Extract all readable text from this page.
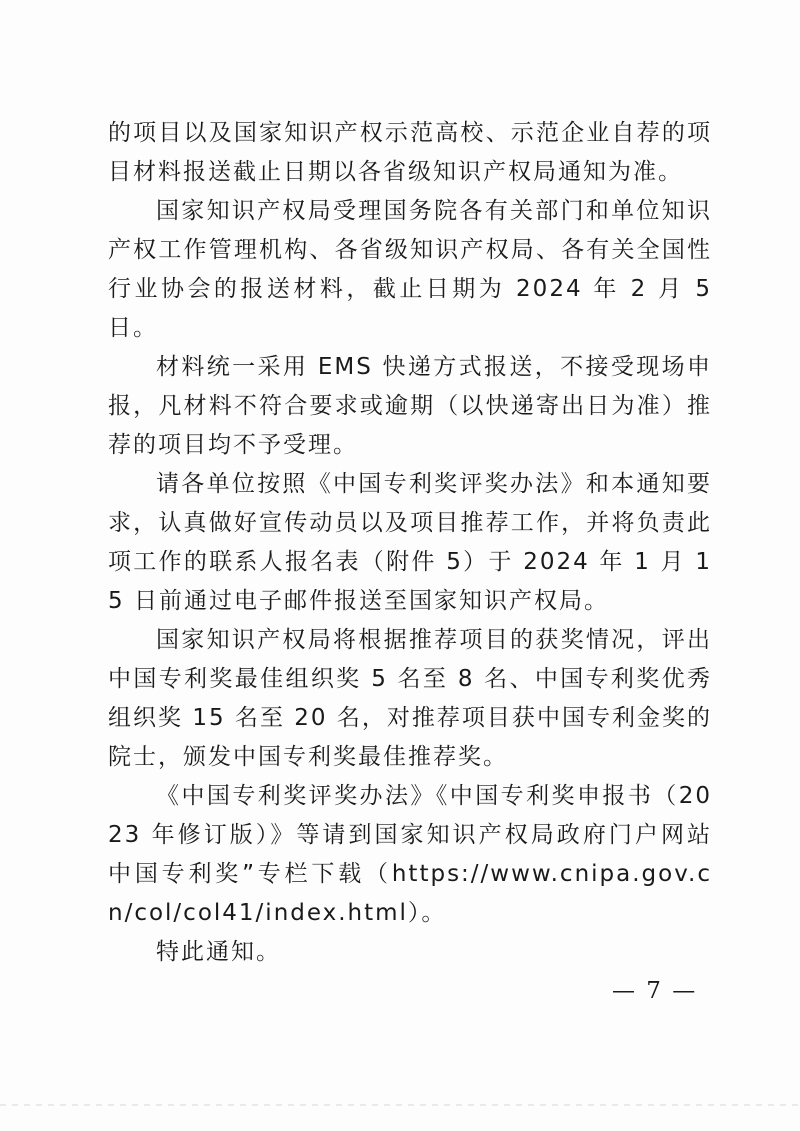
的项目以及国家知识产权示范高校、示范企业自荐的项目材料报送截止日期以各省级知识产权局通知为准。

国家知识产权局受理国务院各有关部门和单位知识产权工作管理机构、各省级知识产权局、各有关全国性行业协会的报送材料，截止日期为 2024 年 2 月 5 日。

材料统一采用 EMS 快递方式报送，不接受现场申报，凡材料不符合要求或逾期（以快递寄出日为准）推荐的项目均不予受理。

请各单位按照《中国专利奖评奖办法》和本通知要求，认真做好宣传动员以及项目推荐工作，并将负责此项工作的联系人报名表（附件 5）于 2024 年 1 月 15 日前通过电子邮件报送至国家知识产权局。

国家知识产权局将根据推荐项目的获奖情况，评出中国专利奖最佳组织奖 5 名至 8 名、中国专利奖优秀组织奖 15 名至 20 名，对推荐项目获中国专利金奖的院士，颁发中国专利奖最佳推荐奖。

《中国专利奖评奖办法》《中国专利奖申报书（2023 年修订版）》等请到国家知识产权局政府门户网站 中国专利奖”专栏下载（https://www.cnipa.gov.cn/col/col41/index.html）。

特此通知。

— 7 —
